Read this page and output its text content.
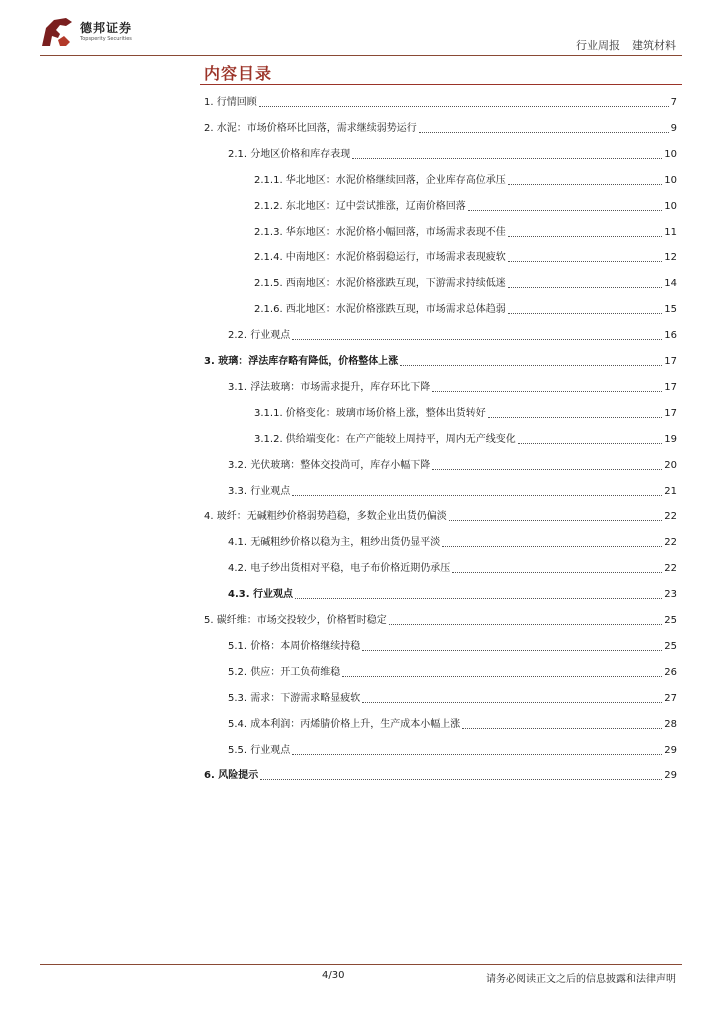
德邦证券
Topsperity Securities	行业周报 建筑材料
内容目录
1. 行情回顾	7
2. 水泥：市场价格环比回落，需求继续弱势运行	9
2.1. 分地区价格和库存表现	10
2.1.1. 华北地区：水泥价格继续回落，企业库存高位承压	10
2.1.2. 东北地区：辽中尝试推涨，辽南价格回落	10
2.1.3. 华东地区：水泥价格小幅回落，市场需求表现不佳	11
2.1.4. 中南地区：水泥价格弱稳运行，市场需求表现疲软	12
2.1.5. 西南地区：水泥价格涨跌互现，下游需求持续低迷	14
2.1.6. 西北地区：水泥价格涨跌互现，市场需求总体趋弱	15
2.2. 行业观点	16
3. 玻璃：浮法库存略有降低，价格整体上涨	17
3.1. 浮法玻璃：市场需求提升，库存环比下降	17
3.1.1. 价格变化：玻璃市场价格上涨，整体出货转好	17
3.1.2. 供给端变化：在产产能较上周持平，周内无产线变化	19
3.2. 光伏玻璃：整体交投尚可，库存小幅下降	20
3.3. 行业观点	21
4. 玻纤：无碱粗纱价格弱势趋稳，多数企业出货仍偏淡	22
4.1. 无碱粗纱价格以稳为主，粗纱出货仍显平淡	22
4.2. 电子纱出货相对平稳，电子布价格近期仍承压	22
4.3. 行业观点	23
5. 碳纤维：市场交投较少，价格暂时稳定	25
5.1. 价格：本周价格继续持稳	25
5.2. 供应：开工负荷维稳	26
5.3. 需求：下游需求略显疲软	27
5.4. 成本利润：丙烯腈价格上升，生产成本小幅上涨	28
5.5. 行业观点	29
6. 风险提示	29
4/30	请务必阅读正文之后的信息披露和法律声明
